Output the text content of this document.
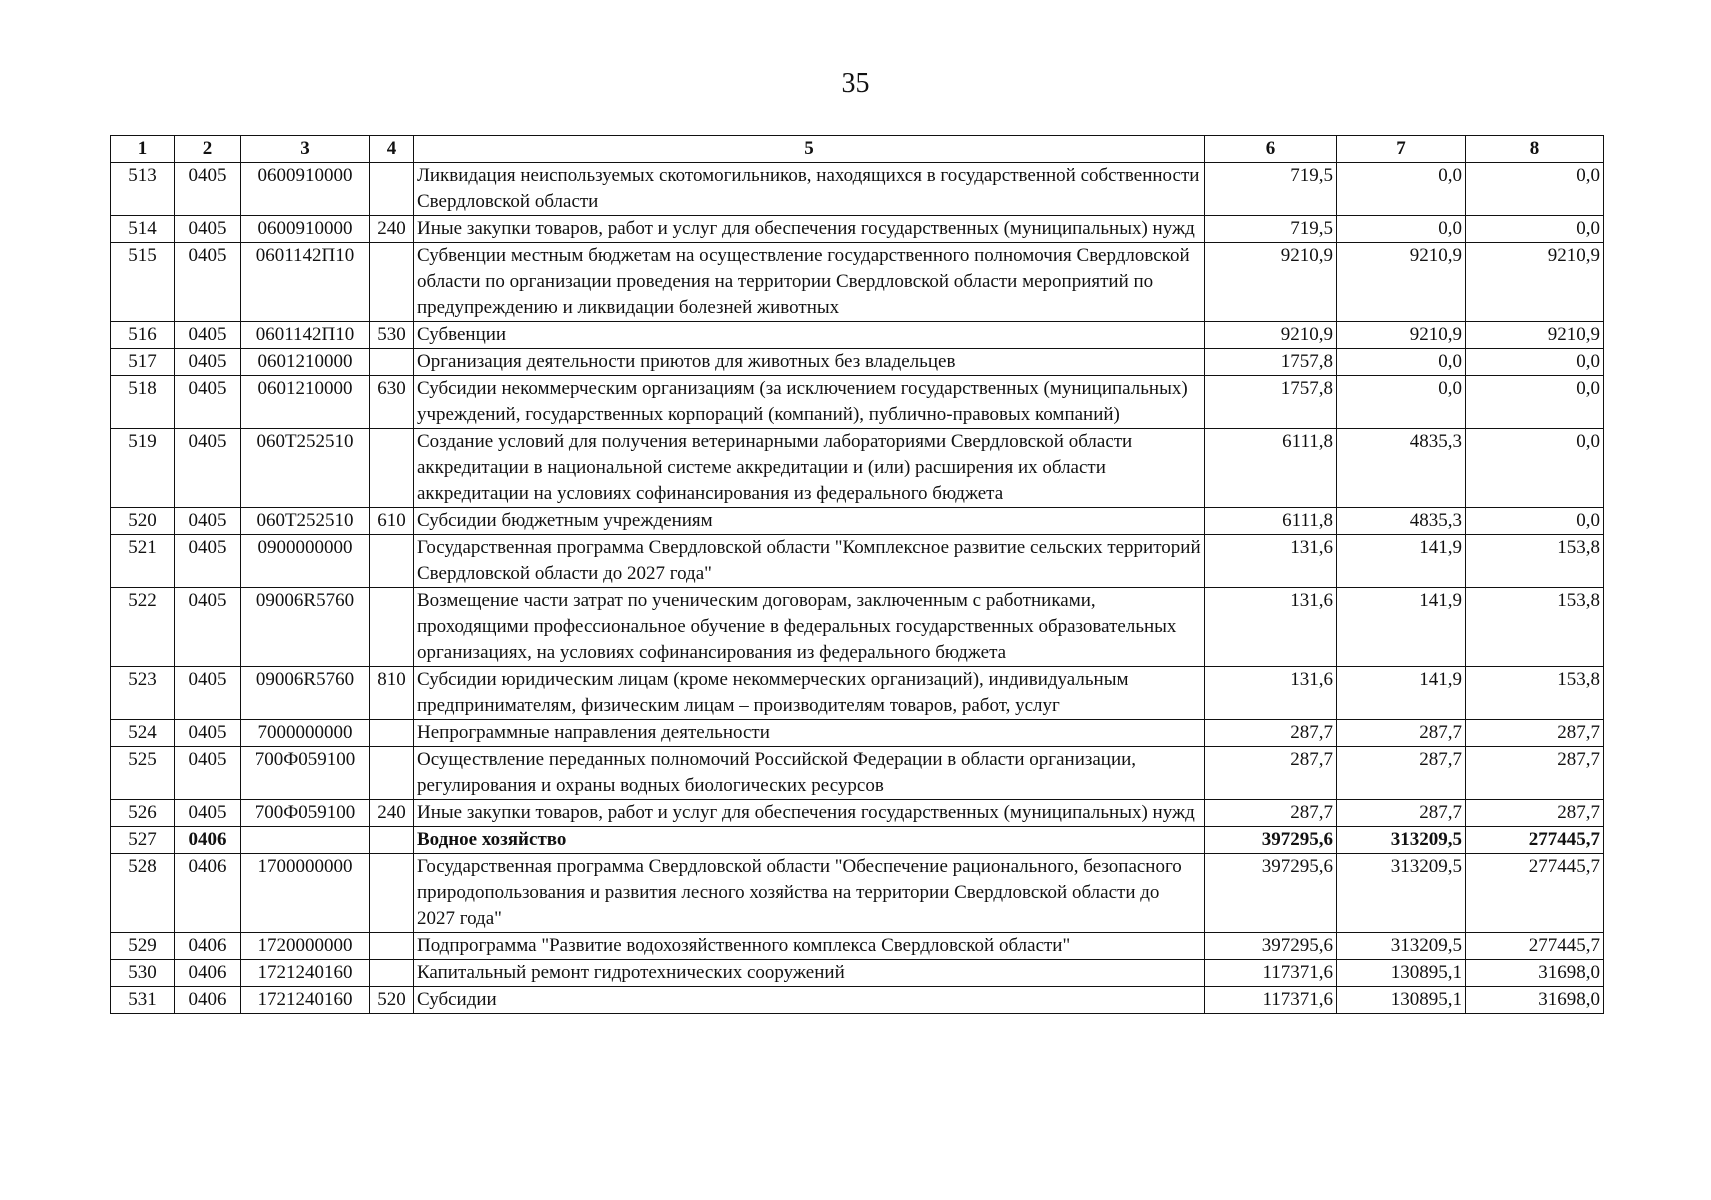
35
1	2	3	4	5	6	7	8
513	0405	0600910000		Ликвидация неиспользуемых скотомогильников, находящихся в государственной собственности Свердловской области	719,5	0,0	0,0
514	0405	0600910000	240	Иные закупки товаров, работ и услуг для обеспечения государственных (муниципальных) нужд	719,5	0,0	0,0
515	0405	0601142П10		Субвенции местным бюджетам на осуществление государственного полномочия Свердловской области по организации проведения на территории Свердловской области мероприятий по предупреждению и ликвидации болезней животных	9210,9	9210,9	9210,9
516	0405	0601142П10	530	Субвенции	9210,9	9210,9	9210,9
517	0405	0601210000		Организация деятельности приютов для животных без владельцев	1757,8	0,0	0,0
518	0405	0601210000	630	Субсидии некоммерческим организациям (за исключением государственных (муниципальных) учреждений, государственных корпораций (компаний), публично-правовых компаний)	1757,8	0,0	0,0
519	0405	060T252510		Создание условий для получения ветеринарными лабораториями Свердловской области аккредитации в национальной системе аккредитации и (или) расширения их области аккредитации на условиях софинансирования из федерального бюджета	6111,8	4835,3	0,0
520	0405	060T252510	610	Субсидии бюджетным учреждениям	6111,8	4835,3	0,0
521	0405	0900000000		Государственная программа Свердловской области "Комплексное развитие сельских территорий Свердловской области до 2027 года"	131,6	141,9	153,8
522	0405	09006R5760		Возмещение части затрат по ученическим договорам, заключенным с работниками, проходящими профессиональное обучение в федеральных государственных образовательных организациях, на условиях софинансирования из федерального бюджета	131,6	141,9	153,8
523	0405	09006R5760	810	Субсидии юридическим лицам (кроме некоммерческих организаций), индивидуальным предпринимателям, физическим лицам – производителям товаров, работ, услуг	131,6	141,9	153,8
524	0405	7000000000		Непрограммные направления деятельности	287,7	287,7	287,7
525	0405	700Ф059100		Осуществление переданных полномочий Российской Федерации в области организации, регулирования и охраны водных биологических ресурсов	287,7	287,7	287,7
526	0405	700Ф059100	240	Иные закупки товаров, работ и услуг для обеспечения государственных (муниципальных) нужд	287,7	287,7	287,7
527	0406			Водное хозяйство	397295,6	313209,5	277445,7
528	0406	1700000000		Государственная программа Свердловской области "Обеспечение рационального, безопасного природопользования и развития лесного хозяйства на территории Свердловской области до 2027 года"	397295,6	313209,5	277445,7
529	0406	1720000000		Подпрограмма "Развитие водохозяйственного комплекса Свердловской области"	397295,6	313209,5	277445,7
530	0406	1721240160		Капитальный ремонт гидротехнических сооружений	117371,6	130895,1	31698,0
531	0406	1721240160	520	Субсидии	117371,6	130895,1	31698,0
